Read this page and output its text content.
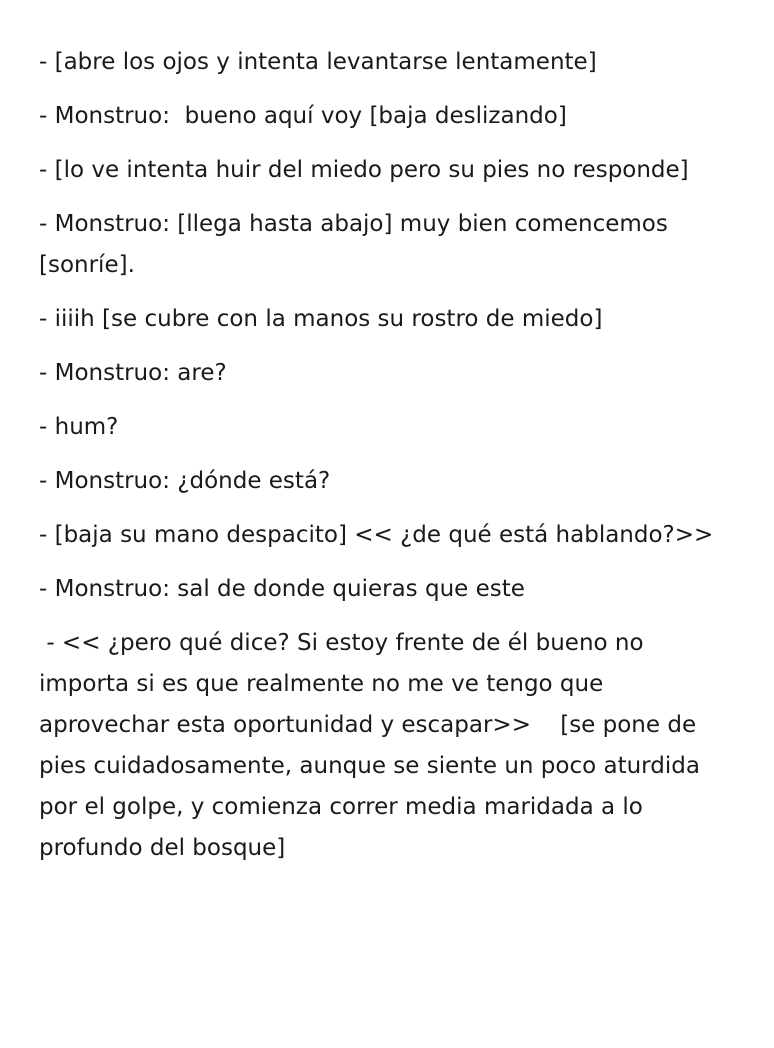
- [abre los ojos y intenta levantarse lentamente]

- Monstruo:  bueno aquí voy [baja deslizando]

- [lo ve intenta huir del miedo pero su pies no responde]

- Monstruo: [llega hasta abajo] muy bien comencemos [sonríe].

- iiiih [se cubre con la manos su rostro de miedo]

- Monstruo: are?

- hum?

- Monstruo: ¿dónde está?

- [baja su mano despacito] << ¿de qué está hablando?>>

- Monstruo: sal de donde quieras que este

- << ¿pero qué dice? Si estoy frente de él bueno no importa si es que realmente no me ve tengo que aprovechar esta oportunidad y escapar>>    [se pone de pies cuidadosamente, aunque se siente un poco aturdida por el golpe, y comienza correr media maridada a lo profundo del bosque]
